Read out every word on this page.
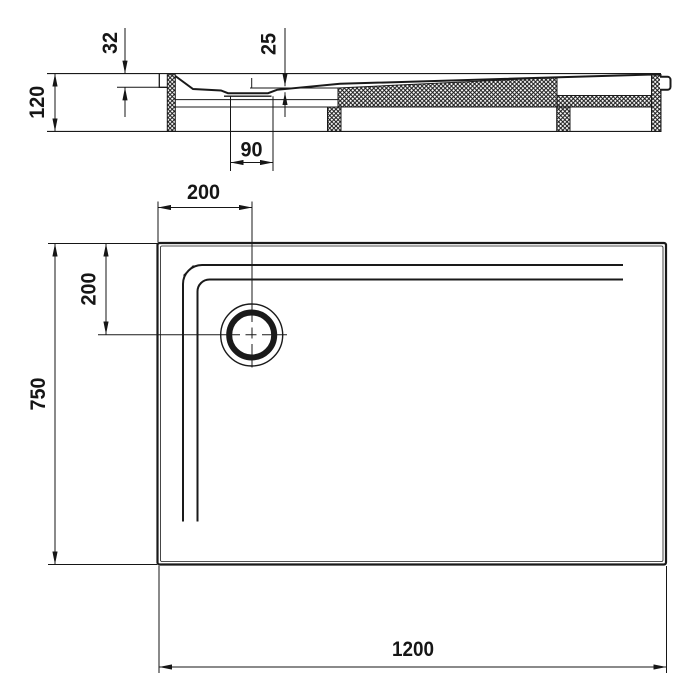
120
32	25
90
200
200
750
1200
